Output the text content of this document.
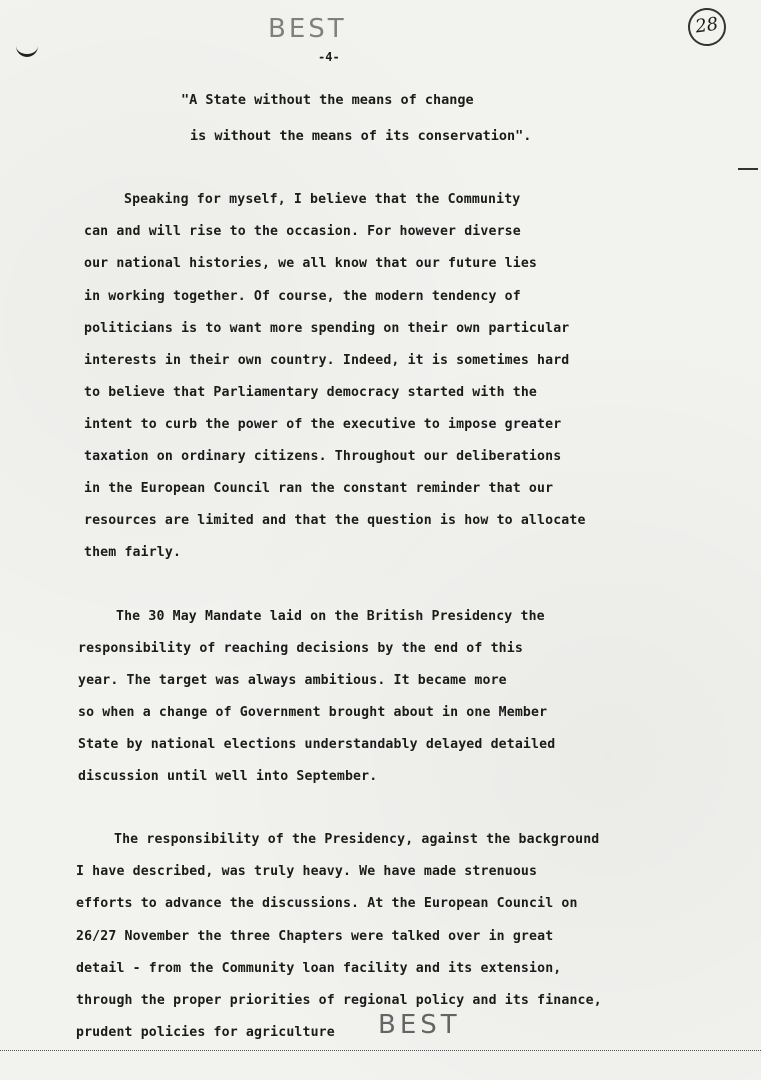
BEST
-4-
28
"A State without the means of change
is without the means of its conservation".
Speaking for myself, I believe that the Community
can and will rise to the occasion. For however diverse
our national histories, we all know that our future lies
in working together. Of course, the modern tendency of
politicians is to want more spending on their own particular
interests in their own country. Indeed, it is sometimes hard
to believe that Parliamentary democracy started with the
intent to curb the power of the executive to impose greater
taxation on ordinary citizens. Throughout our deliberations
in the European Council ran the constant reminder that our
resources are limited and that the question is how to allocate
them fairly.
The 30 May Mandate laid on the British Presidency the
responsibility of reaching decisions by the end of this
year. The target was always ambitious. It became more
so when a change of Government brought about in one Member
State by national elections understandably delayed detailed
discussion until well into September.
The responsibility of the Presidency, against the background
I have described, was truly heavy. We have made strenuous
efforts to advance the discussions. At the European Council on
26/27 November the three Chapters were talked over in great
detail - from the Community loan facility and its extension,
through the proper priorities of regional policy and its finance,
prudent policies for agriculture BEST
